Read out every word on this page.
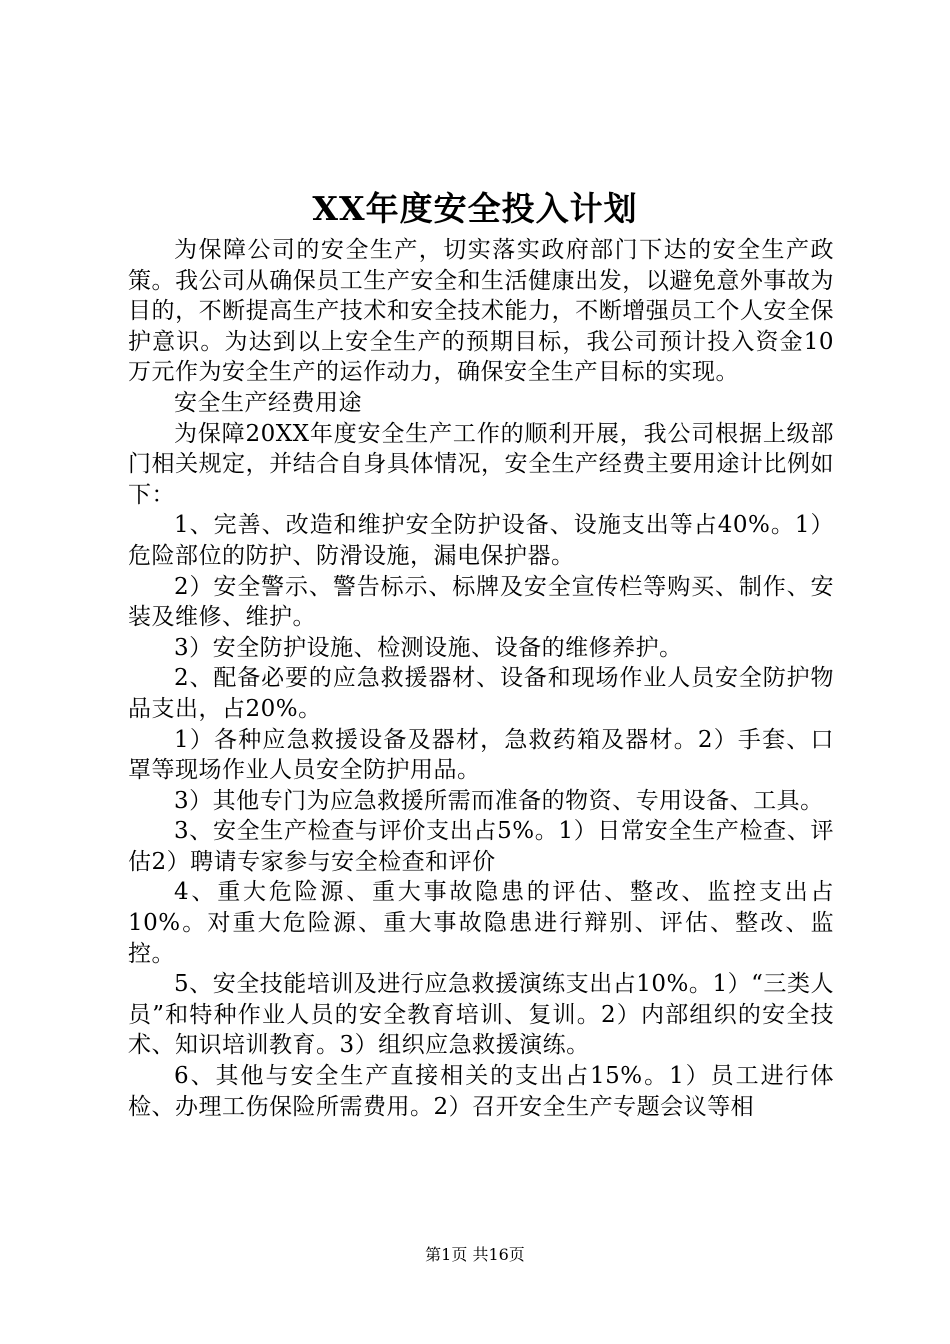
XX年度安全投入计划

为保障公司的安全生产，切实落实政府部门下达的安全生产政策。我公司从确保员工生产安全和生活健康出发，以避免意外事故为目的，不断提高生产技术和安全技术能力，不断增强员工个人安全保护意识。为达到以上安全生产的预期目标，我公司预计投入资金10万元作为安全生产的运作动力，确保安全生产目标的实现。

安全生产经费用途

为保障20XX年度安全生产工作的顺利开展，我公司根据上级部门相关规定，并结合自身具体情况，安全生产经费主要用途计比例如下：

1、完善、改造和维护安全防护设备、设施支出等占40%。1）危险部位的防护、防滑设施，漏电保护器。

2）安全警示、警告标示、标牌及安全宣传栏等购买、制作、安装及维修、维护。

3）安全防护设施、检测设施、设备的维修养护。

2、配备必要的应急救援器材、设备和现场作业人员安全防护物品支出，占20%。

1）各种应急救援设备及器材，急救药箱及器材。2）手套、口罩等现场作业人员安全防护用品。

3）其他专门为应急救援所需而准备的物资、专用设备、工具。

3、安全生产检查与评价支出占5%。1）日常安全生产检查、评估2）聘请专家参与安全检查和评价

4、重大危险源、重大事故隐患的评估、整改、监控支出占10%。对重大危险源、重大事故隐患进行辩别、评估、整改、监控。

5、安全技能培训及进行应急救援演练支出占10%。1）“三类人员”和特种作业人员的安全教育培训、复训。2）内部组织的安全技术、知识培训教育。3）组织应急救援演练。

6、其他与安全生产直接相关的支出占15%。1）员工进行体检、办理工伤保险所需费用。2）召开安全生产专题会议等相

第1页 共16页
